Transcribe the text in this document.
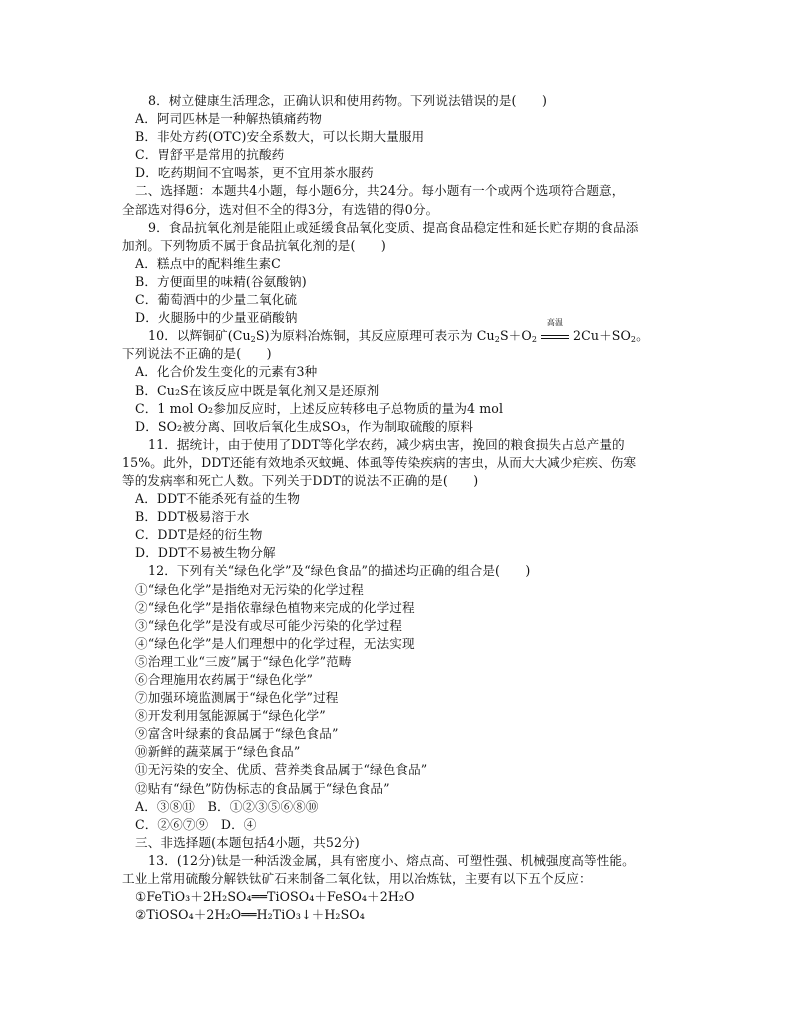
8．树立健康生活理念，正确认识和使用药物。下列说法错误的是(　　)
A．阿司匹林是一种解热镇痛药物
B．非处方药(OTC)安全系数大，可以长期大量服用
C．胃舒平是常用的抗酸药
D．吃药期间不宜喝茶，更不宜用茶水服药
二、选择题：本题共4小题，每小题6分，共24分。每小题有一个或两个选项符合题意，
全部选对得6分，选对但不全的得3分，有选错的得0分。
9．食品抗氧化剂是能阻止或延缓食品氧化变质、提高食品稳定性和延长贮存期的食品添
加剂。下列物质不属于食品抗氧化剂的是(　　)
A．糕点中的配料维生素C
B．方便面里的味精(谷氨酸钠)
C．葡萄酒中的少量二氧化硫
D．火腿肠中的少量亚硝酸钠
10．以辉铜矿$(Cu_2S)$为原料冶炼铜，其反应原理可表示为 $Cu_2S+O_2$
高温
$2Cu+SO_2$。
下列说法不正确的是(　　)
A．化合价发生变化的元素有3种
B．Cu₂S在该反应中既是氧化剂又是还原剂
C．1 mol O₂参加反应时，上述反应转移电子总物质的量为4 mol
D．SO₂被分离、回收后氧化生成SO₃，作为制取硫酸的原料
11．据统计，由于使用了DDT等化学农药，减少病虫害，挽回的粮食损失占总产量的
15%。此外，DDT还能有效地杀灭蚊蝇、体虱等传染疾病的害虫，从而大大减少疟疾、伤寒
等的发病率和死亡人数。下列关于DDT的说法不正确的是(　　)
A．DDT不能杀死有益的生物
B．DDT极易溶于水
C．DDT是烃的衍生物
D．DDT不易被生物分解
12．下列有关“绿色化学”及“绿色食品”的描述均正确的组合是(　　)
①“绿色化学”是指绝对无污染的化学过程
②“绿色化学”是指依靠绿色植物来完成的化学过程
③“绿色化学”是没有或尽可能少污染的化学过程
④“绿色化学”是人们理想中的化学过程，无法实现
⑤治理工业“三废”属于“绿色化学”范畴
⑥合理施用农药属于“绿色化学”
⑦加强环境监测属于“绿色化学”过程
⑧开发利用氢能源属于“绿色化学”
⑨富含叶绿素的食品属于“绿色食品”
⑩新鲜的蔬菜属于“绿色食品”
⑪无污染的安全、优质、营养类食品属于“绿色食品”
⑫贴有“绿色”防伪标志的食品属于“绿色食品”
A．③⑧⑪　B．①②③⑤⑥⑧⑩
C．②⑥⑦⑨　D．④
三、非选择题(本题包括4小题，共52分)
13．(12分)钛是一种活泼金属，具有密度小、熔点高、可塑性强、机械强度高等性能。
工业上常用硫酸分解铁钛矿石来制备二氧化钛，用以冶炼钛，主要有以下五个反应：
①FeTiO₃＋2H₂SO₄══TiOSO₄＋FeSO₄＋2H₂O
②TiOSO₄＋2H₂O══H₂TiO₃↓＋H₂SO₄
